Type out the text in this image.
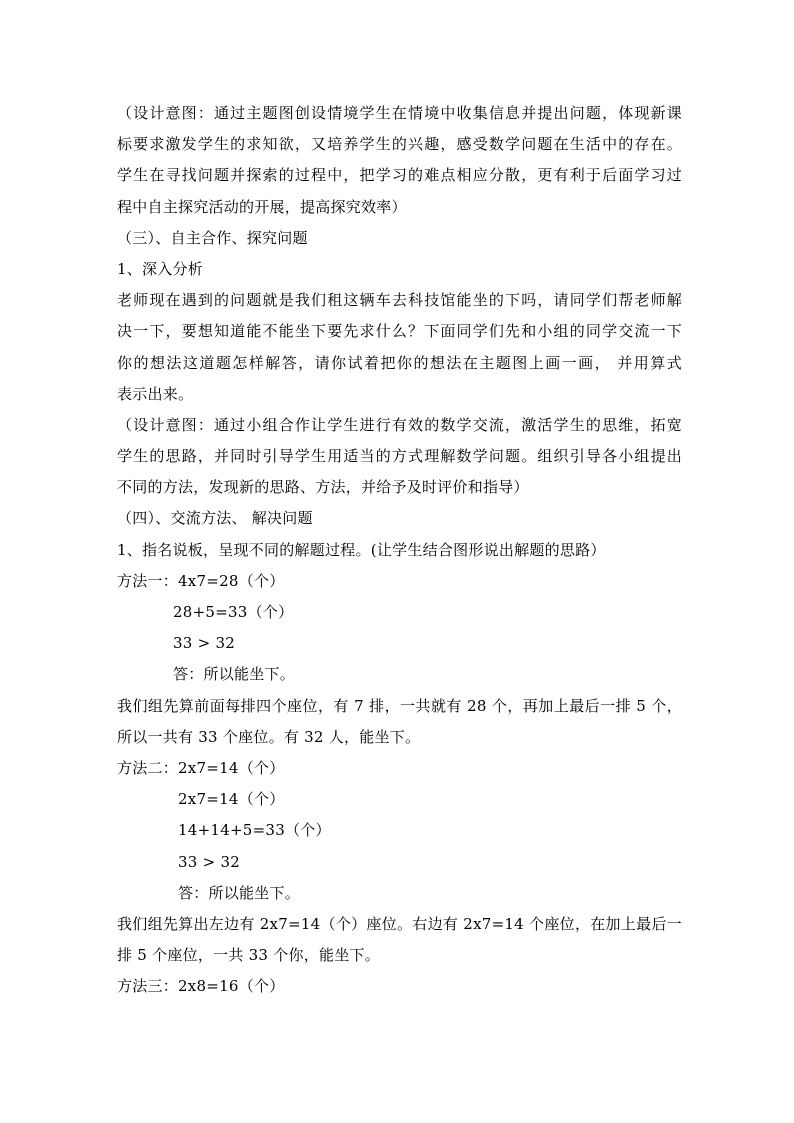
（设计意图：通过主题图创设情境学生在情境中收集信息并提出问题，体现新课
标要求激发学生的求知欲，又培养学生的兴趣，感受数学问题在生活中的存在。
学生在寻找问题并探索的过程中，把学习的难点相应分散，更有利于后面学习过
程中自主探究活动的开展，提高探究效率）
（三）、自主合作、探究问题
1、深入分析
老师现在遇到的问题就是我们租这辆车去科技馆能坐的下吗，请同学们帮老师解
决一下，要想知道能不能坐下要先求什么？下面同学们先和小组的同学交流一下
你的想法这道题怎样解答，请你试着把你的想法在主题图上画一画， 并用算式
表示出来。
（设计意图：通过小组合作让学生进行有效的数学交流，激活学生的思维，拓宽
学生的思路，并同时引导学生用适当的方式理解数学问题。组织引导各小组提出
不同的方法，发现新的思路、方法，并给予及时评价和指导）
（四）、交流方法、 解决问题
1、指名说板，呈现不同的解题过程。(让学生结合图形说出解题的思路）
方法一：4x7=28（个）
28+5=33（个）
33 > 32
答：所以能坐下。
我们组先算前面每排四个座位，有 7 排，一共就有 28 个，再加上最后一排 5 个，
所以一共有 33 个座位。有 32 人，能坐下。
方法二：2x7=14（个）
2x7=14（个）
14+14+5=33（个）
33 > 32
答：所以能坐下。
我们组先算出左边有 2x7=14（个）座位。右边有 2x7=14 个座位，在加上最后一
排 5 个座位，一共 33 个你，能坐下。
方法三：2x8=16（个）
